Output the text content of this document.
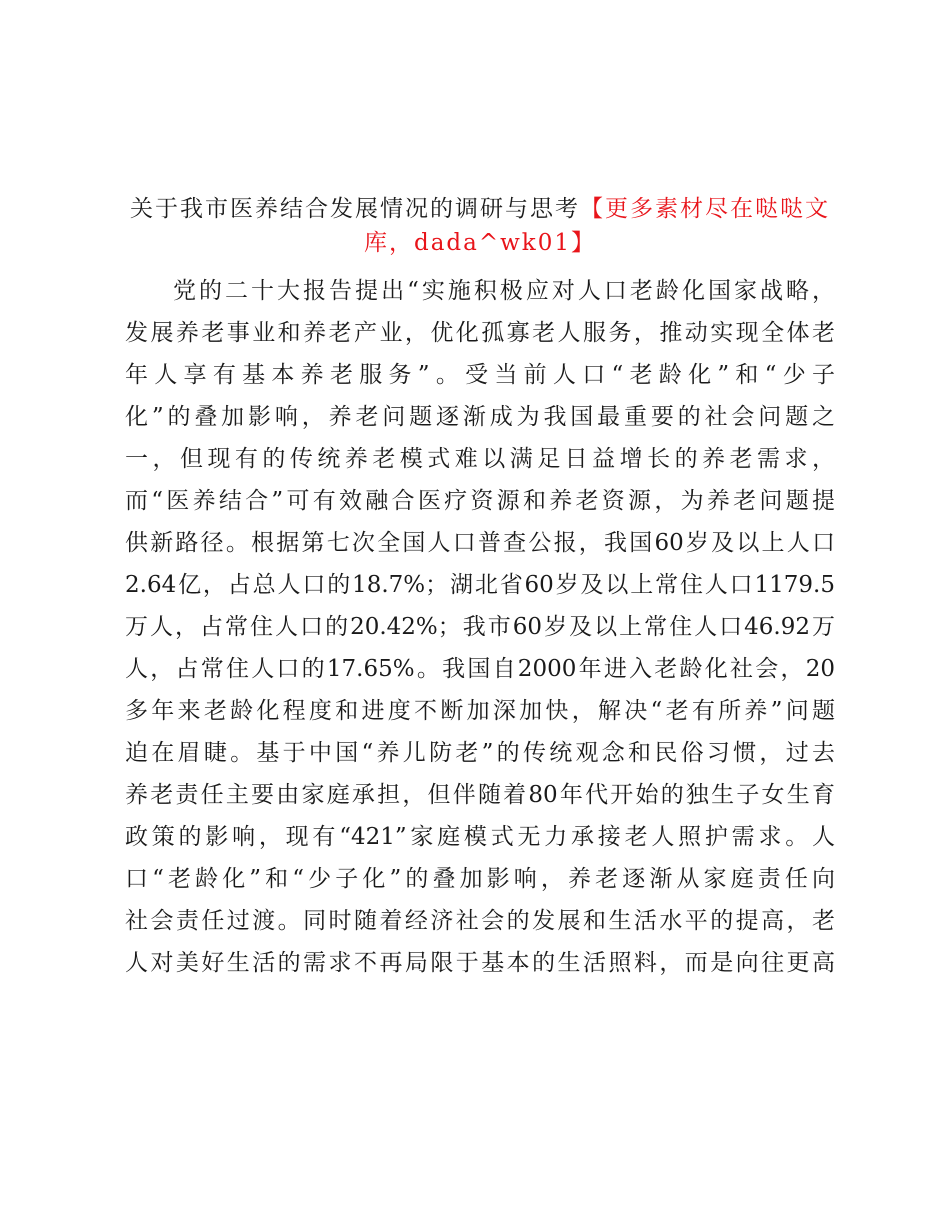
关于我市医养结合发展情况的调研与思考【更多素材尽在哒哒文
库，dada^wk01】
党的二十大报告提出“实施积极应对人口老龄化国家战略，
发展养老事业和养老产业，优化孤寡老人服务，推动实现全体老
年人享有基本养老服务”。受当前人口“老龄化”和“少子
化”的叠加影响，养老问题逐渐成为我国最重要的社会问题之
一，但现有的传统养老模式难以满足日益增长的养老需求，
而“医养结合”可有效融合医疗资源和养老资源，为养老问题提
供新路径。根据第七次全国人口普查公报，我国60岁及以上人口
2.64亿，占总人口的18.7%；湖北省60岁及以上常住人口1179.5
万人，占常住人口的20.42%；我市60岁及以上常住人口46.92万
人，占常住人口的17.65%。我国自2000年进入老龄化社会，20
多年来老龄化程度和进度不断加深加快，解决“老有所养”问题
迫在眉睫。基于中国“养儿防老”的传统观念和民俗习惯，过去
养老责任主要由家庭承担，但伴随着80年代开始的独生子女生育
政策的影响，现有“421”家庭模式无力承接老人照护需求。人
口“老龄化”和“少子化”的叠加影响，养老逐渐从家庭责任向
社会责任过渡。同时随着经济社会的发展和生活水平的提高，老
人对美好生活的需求不再局限于基本的生活照料，而是向往更高
